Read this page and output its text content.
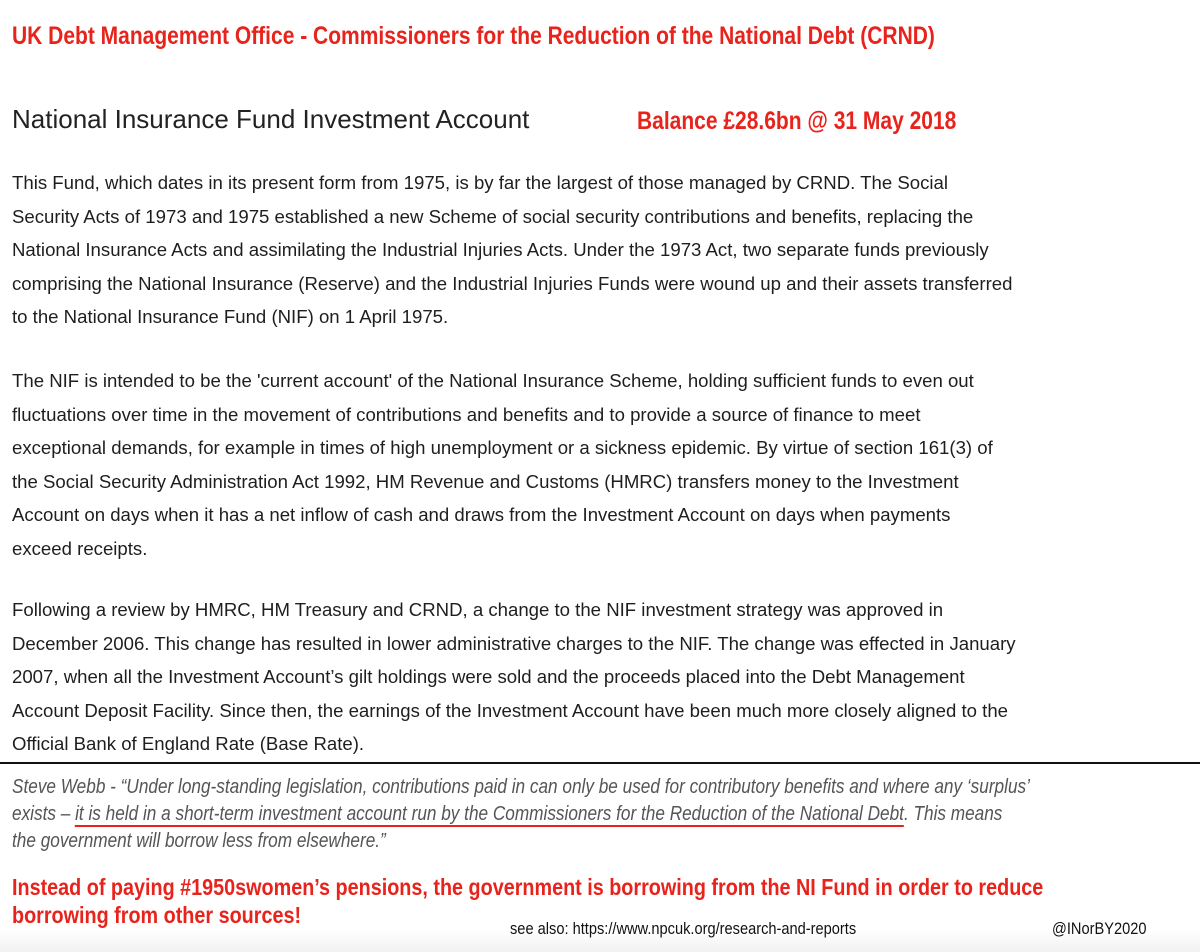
UK Debt Management Office - Commissioners for the Reduction of the National Debt (CRND)
National Insurance Fund Investment Account	Balance £28.6bn @ 31 May 2018
This Fund, which dates in its present form from 1975, is by far the largest of those managed by CRND. The Social
Security Acts of 1973 and 1975 established a new Scheme of social security contributions and benefits, replacing the
National Insurance Acts and assimilating the Industrial Injuries Acts. Under the 1973 Act, two separate funds previously
comprising the National Insurance (Reserve) and the Industrial Injuries Funds were wound up and their assets transferred
to the National Insurance Fund (NIF) on 1 April 1975.
The NIF is intended to be the 'current account' of the National Insurance Scheme, holding sufficient funds to even out
fluctuations over time in the movement of contributions and benefits and to provide a source of finance to meet
exceptional demands, for example in times of high unemployment or a sickness epidemic. By virtue of section 161(3) of
the Social Security Administration Act 1992, HM Revenue and Customs (HMRC) transfers money to the Investment
Account on days when it has a net inflow of cash and draws from the Investment Account on days when payments
exceed receipts.
Following a review by HMRC, HM Treasury and CRND, a change to the NIF investment strategy was approved in
December 2006. This change has resulted in lower administrative charges to the NIF. The change was effected in January
2007, when all the Investment Account’s gilt holdings were sold and the proceeds placed into the Debt Management
Account Deposit Facility. Since then, the earnings of the Investment Account have been much more closely aligned to the
Official Bank of England Rate (Base Rate).
Steve Webb - “Under long-standing legislation, contributions paid in can only be used for contributory benefits and where any ‘surplus’
exists – it is held in a short-term investment account run by the Commissioners for the Reduction of the National Debt. This means
the government will borrow less from elsewhere.”
Instead of paying #1950swomen’s pensions, the government is borrowing from the NI Fund in order to reduce
borrowing from other sources!
see also: https://www.npcuk.org/research-and-reports	@INorBY2020
